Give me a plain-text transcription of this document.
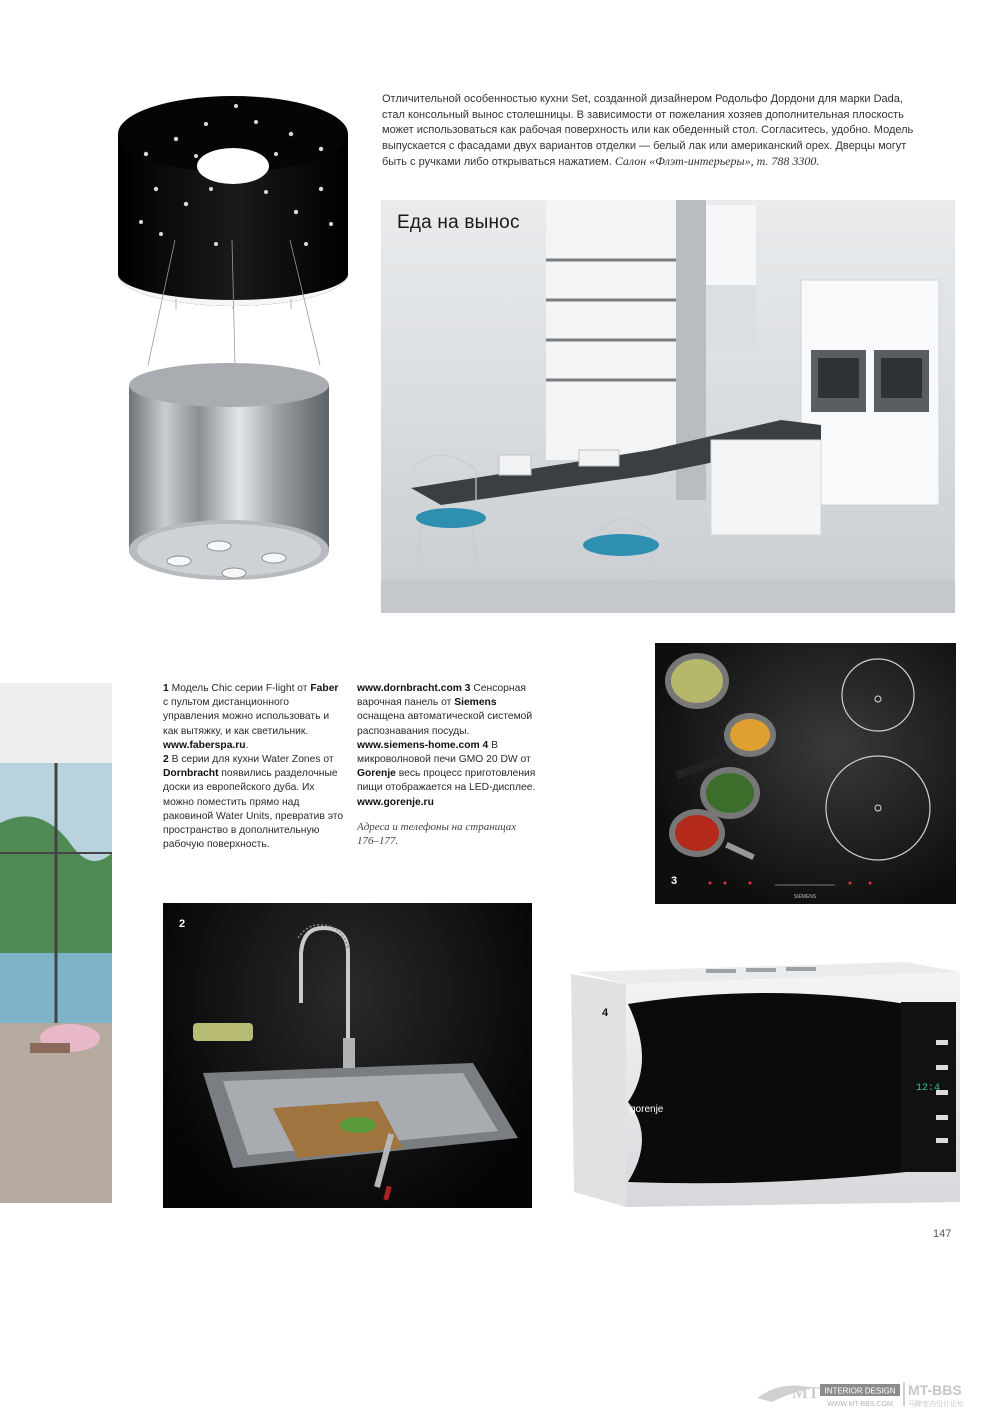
Отличительной особенностью кухни Set, созданной дизайнером Родольфо Дордони для марки Dada, стал консольный вынос столешницы. В зависимости от пожелания хозяев дополнительная плоскость может использоваться как рабочая поверхность или как обеденный стол. Согласитесь, удобно. Модель выпускается с фасадами двух вариантов отделки — белый лак или американский орех. Дверцы могут быть с ручками либо открываться нажатием. Салон «Флэт-интерьеры», т. 788 3300.
1
Еда на вынос
1 Модель Chic серии F-light от Faber с пультом дистанционного управления можно использовать и как вытяжку, и как светильник. www.faberspa.ru.
2 В серии для кухни Water Zones от Dornbracht появились разделочные доски из европейского дуба. Их можно поместить прямо над раковиной Water Units, превратив это пространство в дополнительную рабочую поверхность.
www.dornbracht.com 3 Сенсорная варочная панель от Siemens оснащена автоматической системой распознавания посуды. www.siemens-home.com 4 В микроволновой печи GMO 20 DW от Gorenje весь процесс приготовления пищи отображается на LED-дисплее. www.gorenje.ru
Адреса и телефоны на страницах 176–177.
SIEMENS
3
2
12:4
gorenje
4
147
MT INTERIOR DESIGN
WWW.MT-BBS.COM
MT-BBS
马蹄室内设计论坛
